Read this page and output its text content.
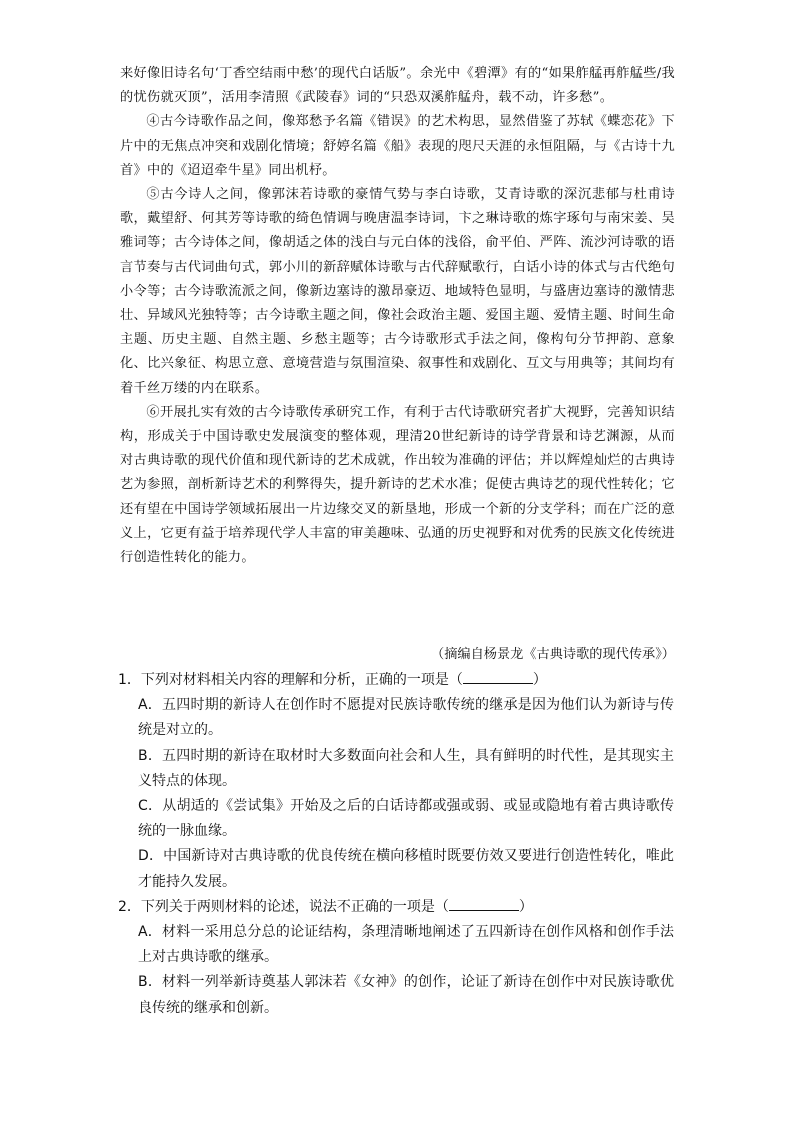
来好像旧诗名句‘丁香空结雨中愁’的现代白话版”。余光中《碧潭》有的“如果舴艋再舴艋些/我的忧伤就灭顶”，活用李清照《武陵春》词的“只恐双溪舴艋舟，载不动，许多愁”。

④古今诗歌作品之间，像郑愁予名篇《错误》的艺术构思，显然借鉴了苏轼《蝶恋花》下片中的无焦点冲突和戏剧化情境；舒婷名篇《船》表现的咫尺天涯的永恒阻隔，与《古诗十九首》中的《迢迢牵牛星》同出机杼。

⑤古今诗人之间，像郭沫若诗歌的豪情气势与李白诗歌，艾青诗歌的深沉悲郁与杜甫诗歌，戴望舒、何其芳等诗歌的绮色情调与晚唐温李诗词，卞之琳诗歌的炼字琢句与南宋姜、吴雅词等；古今诗体之间，像胡适之体的浅白与元白体的浅俗，俞平伯、严阵、流沙河诗歌的语言节奏与古代词曲句式，郭小川的新辞赋体诗歌与古代辞赋歌行，白话小诗的体式与古代绝句小令等；古今诗歌流派之间，像新边塞诗的激昂豪迈、地域特色显明，与盛唐边塞诗的激情悲壮、异域风光独特等；古今诗歌主题之间，像社会政治主题、爱国主题、爱情主题、时间生命主题、历史主题、自然主题、乡愁主题等；古今诗歌形式手法之间，像构句分节押韵、意象化、比兴象征、构思立意、意境营造与氛围渲染、叙事性和戏剧化、互文与用典等；其间均有着千丝万缕的内在联系。

⑥开展扎实有效的古今诗歌传承研究工作，有利于古代诗歌研究者扩大视野，完善知识结构，形成关于中国诗歌史发展演变的整体观，理清20世纪新诗的诗学背景和诗艺渊源，从而对古典诗歌的现代价值和现代新诗的艺术成就，作出较为准确的评估；并以辉煌灿烂的古典诗艺为参照，剖析新诗艺术的利弊得失，提升新诗的艺术水准；促使古典诗艺的现代性转化；它还有望在中国诗学领域拓展出一片边缘交叉的新垦地，形成一个新的分支学科；而在广泛的意义上，它更有益于培养现代学人丰富的审美趣味、弘通的历史视野和对优秀的民族文化传统进行创造性转化的能力。

（摘编自杨景龙《古典诗歌的现代传承》）

1．下列对材料相关内容的理解和分析，正确的一项是（	）

A．五四时期的新诗人在创作时不愿提对民族诗歌传统的继承是因为他们认为新诗与传统是对立的。

B．五四时期的新诗在取材时大多数面向社会和人生，具有鲜明的时代性，是其现实主义特点的体现。

C．从胡适的《尝试集》开始及之后的白话诗都或强或弱、或显或隐地有着古典诗歌传统的一脉血缘。

D．中国新诗对古典诗歌的优良传统在横向移植时既要仿效又要进行创造性转化，唯此才能持久发展。

2．下列关于两则材料的论述，说法不正确的一项是（	）

A．材料一采用总分总的论证结构，条理清晰地阐述了五四新诗在创作风格和创作手法上对古典诗歌的继承。

B．材料一列举新诗奠基人郭沫若《女神》的创作，论证了新诗在创作中对民族诗歌优良传统的继承和创新。
